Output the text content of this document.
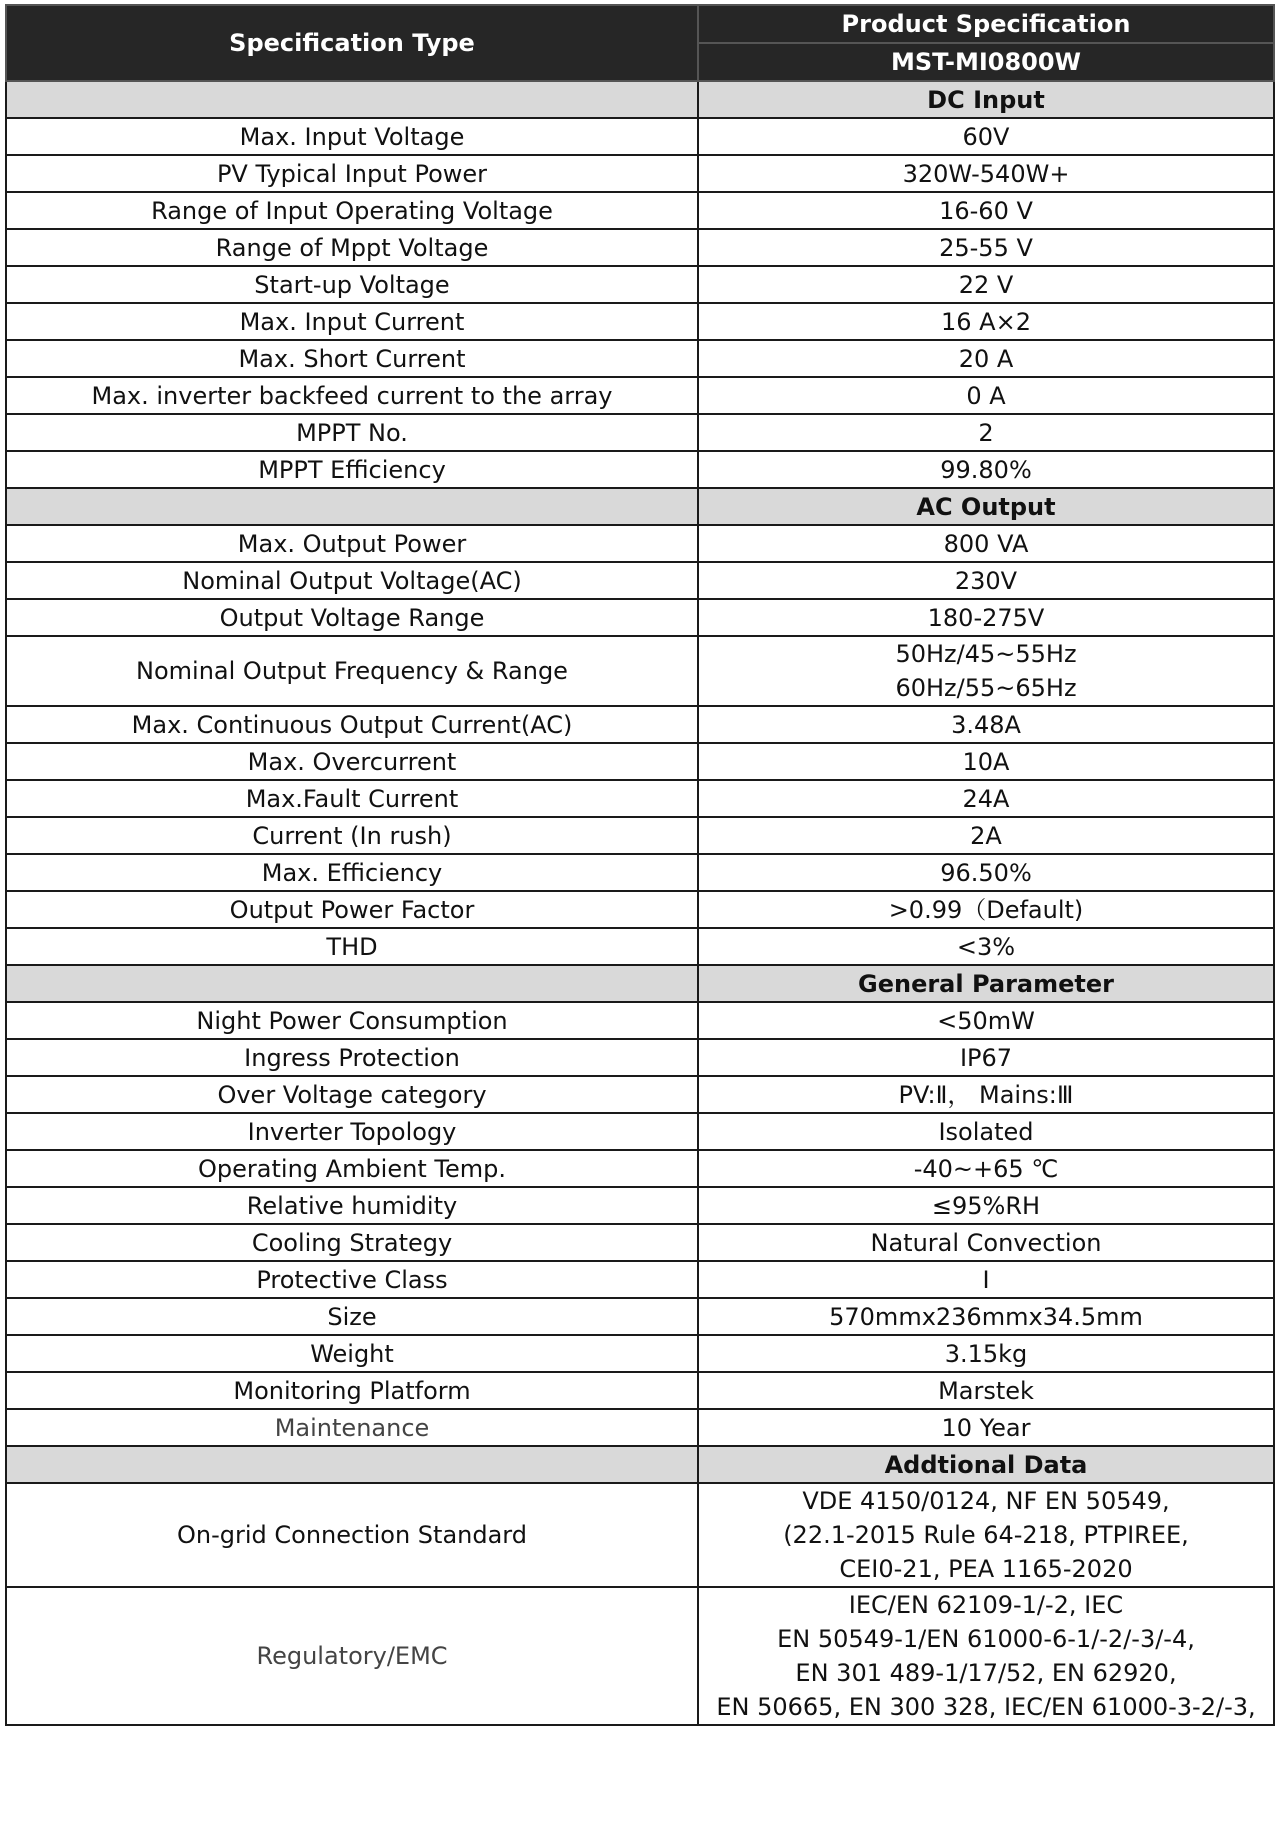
Specification Type	Product Specification
	MST-MI0800W
	DC Input
Max. Input Voltage	60V

PV Typical Input Power	320W-540W+

Range of Input Operating Voltage	16-60 V

Range of Mppt Voltage	25-55 V

Start-up Voltage	22 V

Max. Input Current	16 A×2

Max. Short Current	20 A

Max. inverter backfeed current to the array	0 A

MPPT No.	2

MPPT Efficiency	99.80%

	AC Output
Max. Output Power	800 VA

Nominal Output Voltage(AC)	230V

Output Voltage Range	180-275V

Nominal Output Frequency & Range	50Hz/45~55Hz
60Hz/55~65Hz

Max. Continuous Output Current(AC)	3.48A

Max. Overcurrent	10A

Max.Fault Current	24A

Current (In rush)	2A

Max. Efficiency	96.50%

Output Power Factor	>0.99（Default)

THD	<3%

	General Parameter
Night Power Consumption	<50mW

Ingress Protection	IP67

Over Voltage category	PV:Ⅱ， Mains:Ⅲ

Inverter Topology	Isolated

Operating Ambient Temp.	-40~+65 ℃

Relative humidity	≤95%RH

Cooling Strategy	Natural Convection

Protective Class	Ⅰ

Size	570mmx236mmx34.5mm

Weight	3.15kg

Monitoring Platform	Marstek

Maintenance	10 Year

	Addtional Data
On-grid Connection Standard	VDE 4150/0124, NF EN 50549,
(22.1-2015 Rule 64-218, PTPIREE,
CEI0-21, PEA 1165-2020

Regulatory/EMC	IEC/EN 62109-1/-2, IEC
EN 50549-1/EN 61000-6-1/-2/-3/-4,
EN 301 489-1/17/52, EN 62920,
EN 50665, EN 300 328, IEC/EN 61000-3-2/-3,
